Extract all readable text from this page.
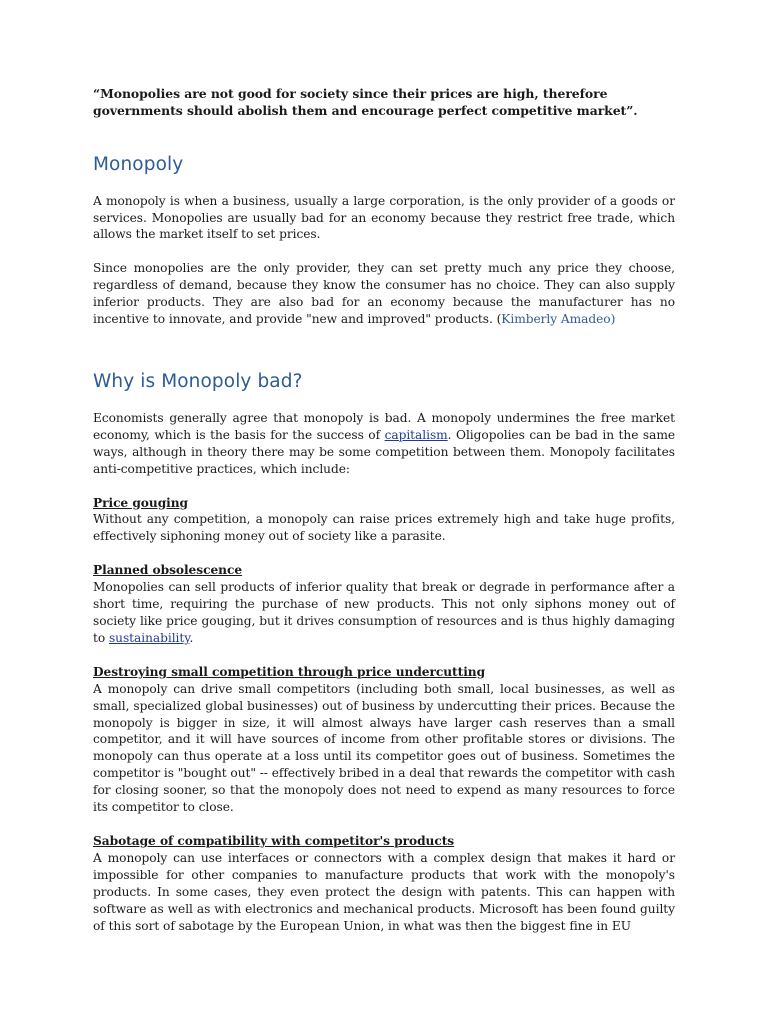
“Monopolies are not good for society since their prices are high, therefore governments should abolish them and encourage perfect competitive market”.

Monopoly

A monopoly is when a business, usually a large corporation, is the only provider of a goods or services. Monopolies are usually bad for an economy because they restrict free trade, which allows the market itself to set prices.

Since monopolies are the only provider, they can set pretty much any price they choose, regardless of demand, because they know the consumer has no choice. They can also supply inferior products. They are also bad for an economy because the manufacturer has no incentive to innovate, and provide "new and improved" products. (Kimberly Amadeo)

Why is Monopoly bad?

Economists generally agree that monopoly is bad. A monopoly undermines the free market economy, which is the basis for the success of capitalism. Oligopolies can be bad in the same ways, although in theory there may be some competition between them. Monopoly facilitates anti-competitive practices, which include:

Price gouging

Without any competition, a monopoly can raise prices extremely high and take huge profits, effectively siphoning money out of society like a parasite.

Planned obsolescence

Monopolies can sell products of inferior quality that break or degrade in performance after a short time, requiring the purchase of new products. This not only siphons money out of society like price gouging, but it drives consumption of resources and is thus highly damaging to sustainability.

Destroying small competition through price undercutting

A monopoly can drive small competitors (including both small, local businesses, as well as small, specialized global businesses) out of business by undercutting their prices. Because the monopoly is bigger in size, it will almost always have larger cash reserves than a small competitor, and it will have sources of income from other profitable stores or divisions. The monopoly can thus operate at a loss until its competitor goes out of business. Sometimes the competitor is "bought out" -- effectively bribed in a deal that rewards the competitor with cash for closing sooner, so that the monopoly does not need to expend as many resources to force its competitor to close.

Sabotage of compatibility with competitor's products

A monopoly can use interfaces or connectors with a complex design that makes it hard or impossible for other companies to manufacture products that work with the monopoly's products. In some cases, they even protect the design with patents. This can happen with software as well as with electronics and mechanical products. Microsoft has been found guilty of this sort of sabotage by the European Union, in what was then the biggest fine in EU
